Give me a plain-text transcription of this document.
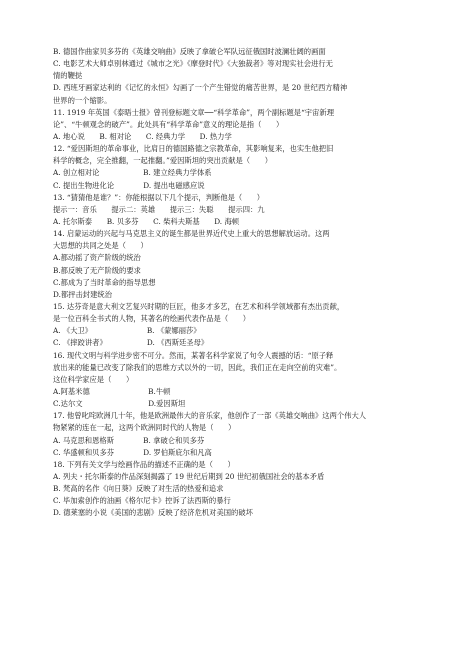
B. 德国作曲家贝多芬的《英雄交响曲》反映了拿破仑军队远征俄国时波澜壮阔的画面
C. 电影艺术大师卓别林通过《城市之光》《摩登时代》《大独裁者》等对现实社会进行无
情的鞭挞
D. 西班牙画家达利的《记忆的永恒》勾画了一个产生错觉的痛苦世界，是 20 世纪西方精神
世界的一个缩影。
11. 1919 年英国《泰晤士报》曾刊登标题文章──“科学革命”，两个副标题是“宇宙新理
论”、“牛顿观念的破产”。此处具有“科学革命”意义的理论是指（　　）
A. 地心说　　B. 相对论　　C. 经典力学　　D. 热力学
12. “爱因斯坦的革命事业，比肩日的德国路德之宗教革命，其影响复来，也实生他把旧
科学的概念，完全推翻，一起推翻。”爱因斯坦的突出贡献是（　　）
A. 创立相对论　　　　　　B. 建立经典力学体系
C. 提出生物进化论　　　　D. 提出电磁感应说
13. “猜猜他是谁？”：你能根据以下几个提示，判断他是（　　）
提示一：音乐　　提示二：英雄　　提示三：失聪　　提示四：九
A. 托尔斯泰　　B. 贝多芬　　C. 柴科夫斯基　　D. 海顿
14. 启蒙运动的兴起与马克思主义的诞生都是世界近代史上重大的思想解放运动。这两
大思想的共同之处是（　　）
A.都动摇了资产阶级的统治
B.都反映了无产阶级的要求
C.都成为了当时革命的指导思想
D.都抨击封建统治
15. 达芬奇是意大利文艺复兴时期的巨匠，他多才多艺，在艺术和科学领域都有杰出贡献，
是一位百科全书式的人物，其著名的绘画代表作品是（　　）
A. 《大卫》　　　　　　　　B. 《蒙娜丽莎》
C. 《摔跤讲者》　　　　　　D. 《西斯廷圣母》
16. 现代文明与科学进步密不可分。然而，某著名科学家说了句令人震撼的话：“原子释
放出来的能量已改变了除我们的思维方式以外的一切，因此，我们正在走向空前的灾难”。
这位科学家应是（　　）
A.阿基米德　　　　　　　　B.牛顿
C.达尔文　　　　　　　　　D.爱因斯坦
17. 他曾叱咤欧洲几十年，他是欧洲最伟大的音乐家，他创作了一部《英雄交响曲》这两个伟大人
物紧紧的连在一起，这两个欧洲同时代的人物是（　　）
A. 马克思和恩格斯　　　　B. 拿破仑和贝多芬
C. 华盛顿和贝多芬　　　　D. 罗伯斯庇尔和凡高
18. 下列有关文学与绘画作品的描述不正确的是（　　）
A. 列夫・托尔斯泰的作品深刻揭露了 19 世纪后期到 20 世纪初俄国社会的基本矛盾
B. 梵高的名作《向日葵》反映了对生活的热爱和追求
C. 毕加索创作的油画《格尔尼卡》控诉了法西斯的暴行
D. 德莱塞的小说《美国的悲剧》反映了经济危机对美国的破坏
